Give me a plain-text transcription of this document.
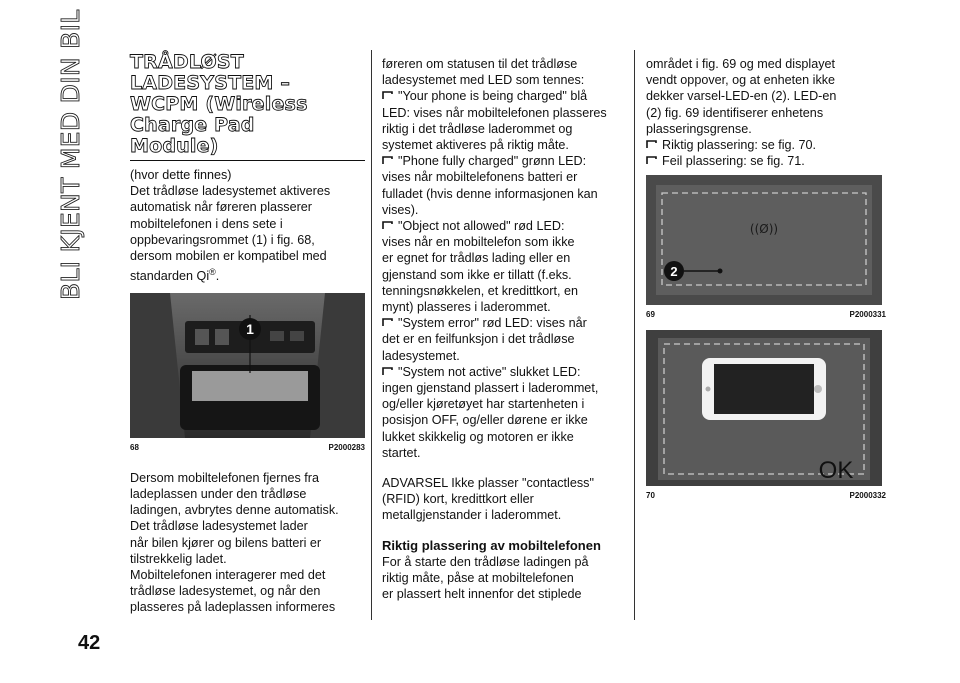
BLI KJENT MED DIN BIL
42
TRÅDLØST
LADESYSTEM –
WCPM (Wireless
Charge Pad
Module)

(hvor dette finnes)

Det trådløse ladesystemet aktiveres

automatisk når føreren plasserer

mobiltelefonen i dens sete i

oppbevaringsrommet (1) i fig. 68,

dersom mobilen er kompatibel med

standarden Qi®.

1
68	P2000283

Dersom mobiltelefonen fjernes fra

ladeplassen under den trådløse

ladingen, avbrytes denne automatisk.

Det trådløse ladesystemet lader

når bilen kjører og bilens batteri er

tilstrekkelig ladet.

Mobiltelefonen interagerer med det

trådløse ladesystemet, og når den

plasseres på ladeplassen informeres

føreren om statusen til det trådløse

ladesystemet med LED som tennes:

"Your phone is being charged" blå

LED: vises når mobiltelefonen plasseres

riktig i det trådløse laderommet og

systemet aktiveres på riktig måte.

"Phone fully charged" grønn LED:

vises når mobiltelefonens batteri er

fulladet (hvis denne informasjonen kan

vises).

"Object not allowed" rød LED:

vises når en mobiltelefon som ikke

er egnet for trådløs lading eller en

gjenstand som ikke er tillatt (f.eks.

tenningsnøkkelen, et kredittkort, en

mynt) plasseres i laderommet.

"System error" rød LED: vises når

det er en feilfunksjon i det trådløse

ladesystemet.

"System not active" slukket LED:

ingen gjenstand plassert i laderommet,

og/eller kjøretøyet har startenheten i

posisjon OFF, og/eller dørene er ikke

lukket skikkelig og motoren er ikke

startet.

ADVARSEL Ikke plasser "contactless"

(RFID) kort, kredittkort eller

metallgjenstander i laderommet.

Riktig plassering av mobiltelefonen

For å starte den trådløse ladingen på

riktig måte, påse at mobiltelefonen

er plassert helt innenfor det stiplede

området i fig. 69 og med displayet

vendt oppover, og at enheten ikke

dekker varsel-LED-en (2). LED-en

(2) fig. 69 identifiserer enhetens

plasseringsgrense.

Riktig plassering: se fig. 70.
Feil plassering: se fig. 71.
((Ø))
2
69	P2000331
OK
70	P2000332
